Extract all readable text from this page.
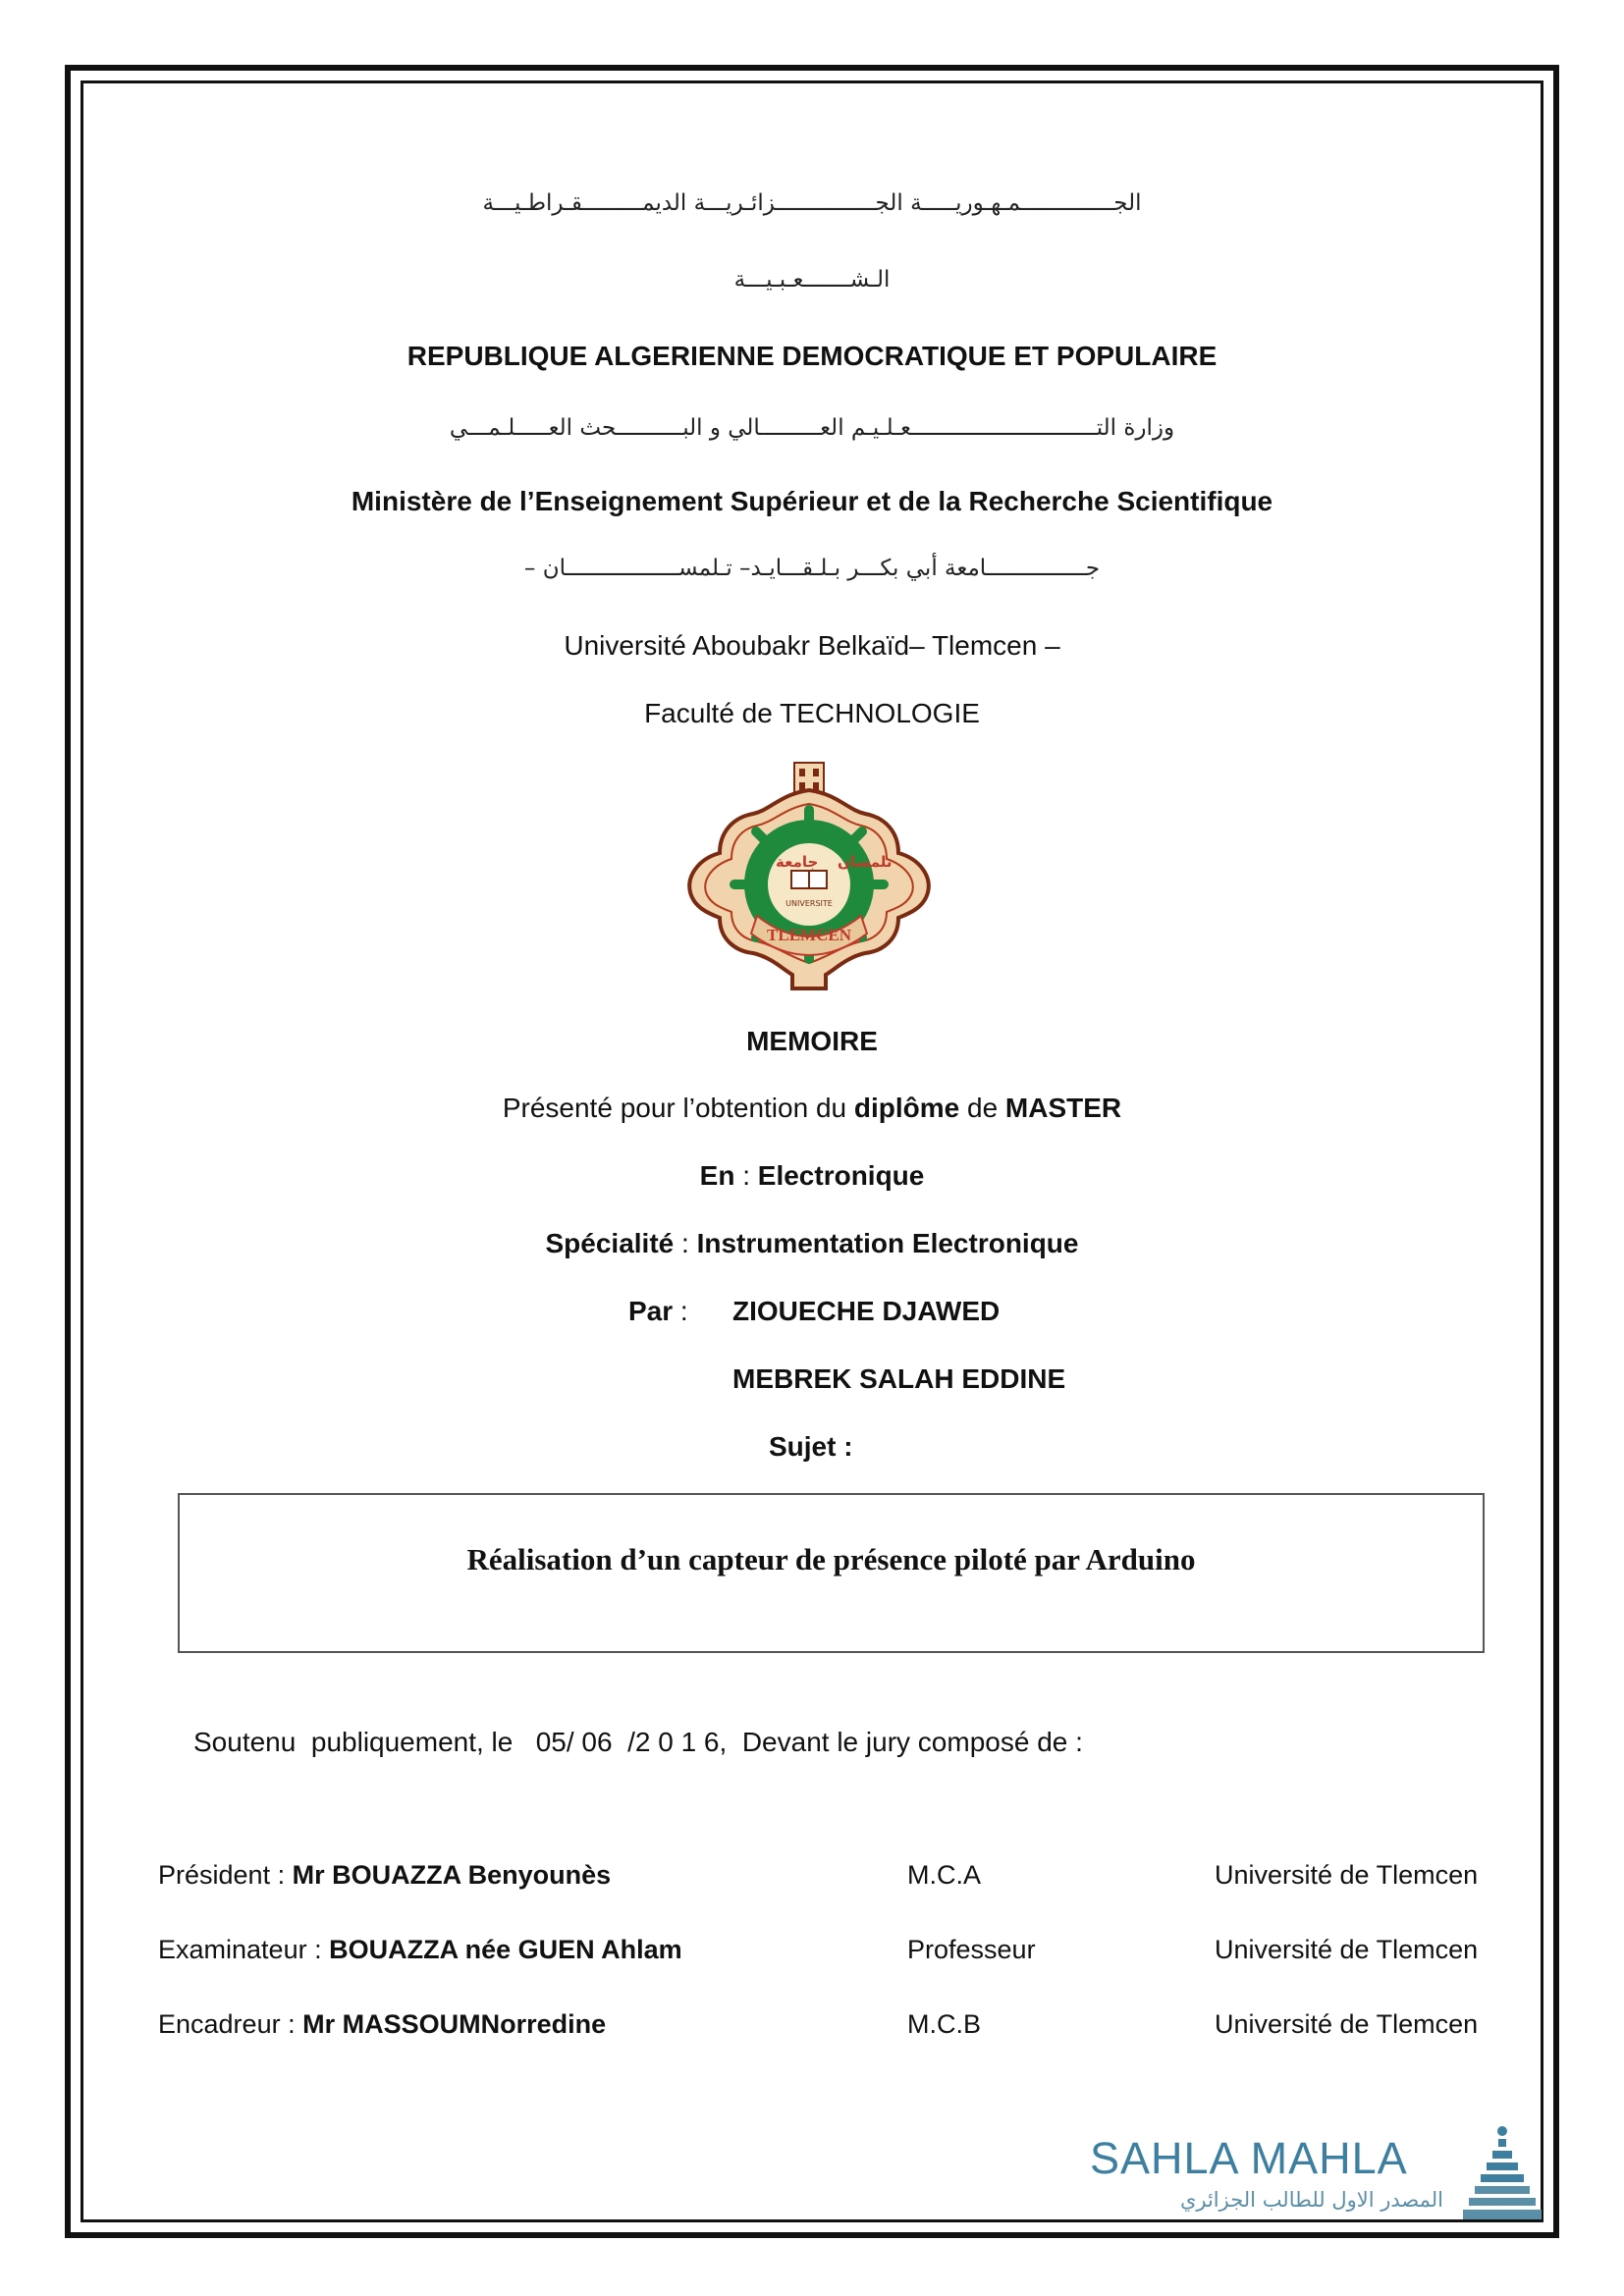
الجــــــــــــــمـهـوريـــــة الجـــــــــــــــزائـريـــة الديمـــــــــقـراطـيـــة
الـشـــــــعـبـيـــة
REPUBLIQUE ALGERIENNE DEMOCRATIQUE ET POPULAIRE
وزارة التــــــــــــــــــــــــــــعـلـيـم العـــــــــالي و البــــــــــحث العـــــلـمـــي
Ministère de l’Enseignement Supérieur et de la Recherche Scientifique
جـــــــــــــــامعة أبي بكـــر بـلـقـــايـد– تـلمســـــــــــــــــان –
Université Aboubakr Belkaïd– Tlemcen –
Faculté de TECHNOLOGIE
جامعة تلمسان
UNIVERSITE
TLEMCEN
MEMOIRE
Présenté pour l’obtention du diplôme de MASTER
En : Electronique
Spécialité : Instrumentation Electronique
Par : ZIOUECHE DJAWED
MEBREK SALAH EDDINE
Sujet :
Réalisation d’un capteur de présence piloté par Arduino
Soutenu  publiquement, le   05/ 06  /2 0 1 6,  Devant le jury composé de :
Président : Mr BOUAZZA Benyounès	M.C.A	Université de Tlemcen
Examinateur : BOUAZZA née GUEN Ahlam	Professeur	Université de Tlemcen
Encadreur : Mr MASSOUMNorredine	M.C.B	Université de Tlemcen
SAHLA MAHLA
المصدر الاول للطالب الجزائري
